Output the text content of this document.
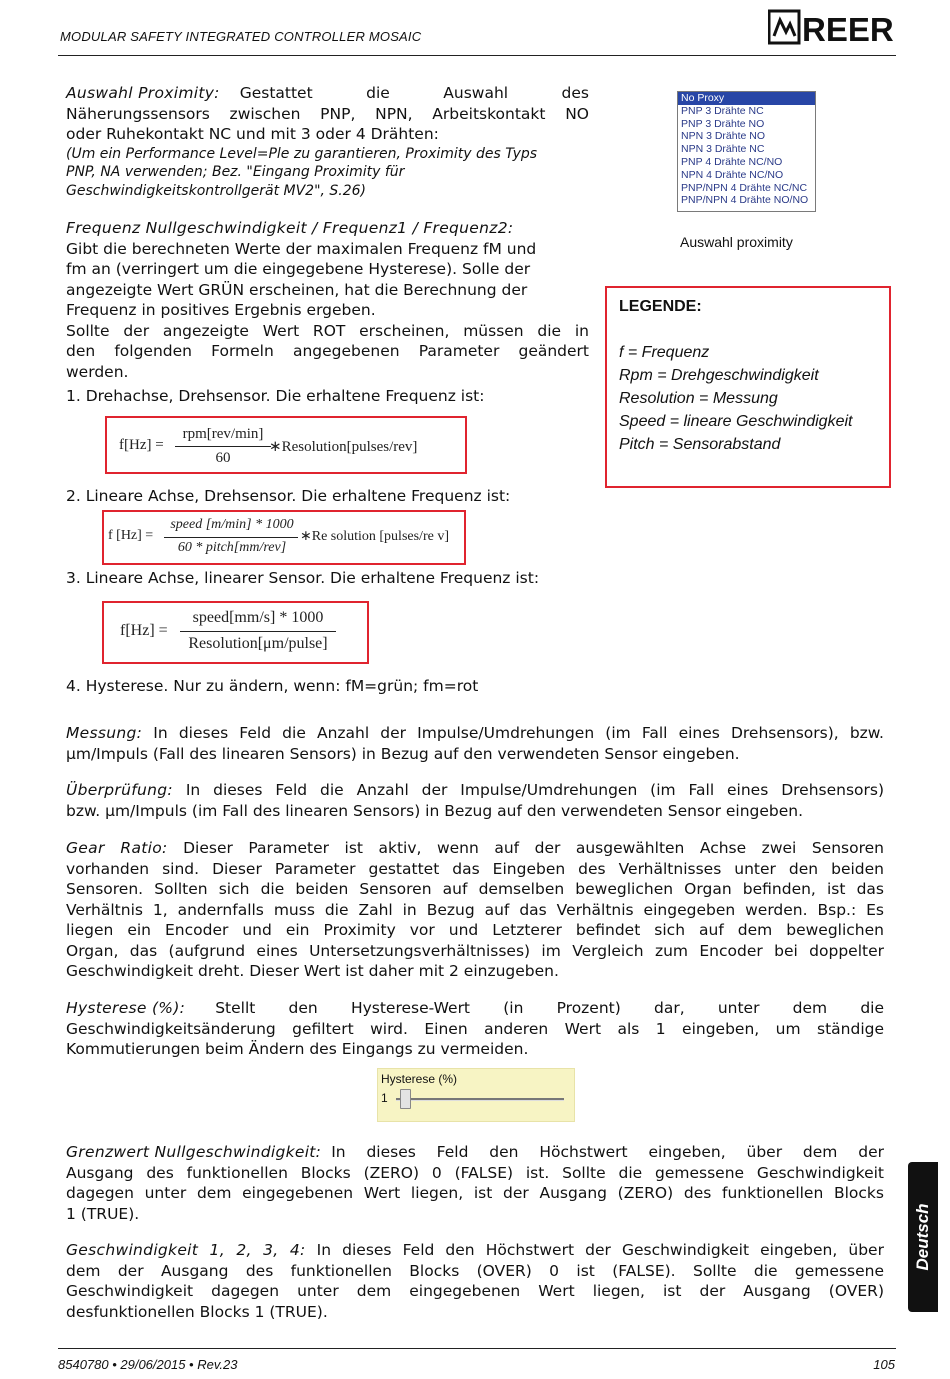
MODULAR SAFETY INTEGRATED CONTROLLER MOSAIC	REER
Auswahl Proximity:	Gestattet die Auswahl des
Näherungssensors zwischen PNP, NPN, Arbeitskontakt NO
oder Ruhekontakt NC und mit 3 oder 4 Drähten:
(Um ein Performance Level=Ple zu garantieren, Proximity des Typs
PNP, NA verwenden; Bez. "Eingang Proximity für
Geschwindigkeitskontrollgerät MV2", S.26)
No Proxy
PNP 3 Drähte NC
PNP 3 Drähte NO
NPN 3 Drähte NO
NPN 3 Drähte NC
PNP 4 Drähte NC/NO
NPN 4 Drähte NC/NO
PNP/NPN 4 Drähte NC/NC
PNP/NPN 4 Drähte NO/NO
Auswahl proximity
LEGENDE:
f = Frequenz
Rpm = Drehgeschwindigkeit
Resolution = Messung
Speed = lineare Geschwindigkeit
Pitch = Sensorabstand
Frequenz Nullgeschwindigkeit / Frequenz1 / Frequenz2:
Gibt die berechneten Werte der maximalen Frequenz fM und
fm an (verringert um die eingegebene Hysterese). Solle der
angezeigte Wert GRÜN erscheinen, hat die Berechnung der
Frequenz in positives Ergebnis ergeben.
Sollte der angezeigte Wert ROT erscheinen, müssen die in
den folgenden Formeln angegebenen Parameter geändert
werden.
1. Drehachse, Drehsensor. Die erhaltene Frequenz ist:
f[Hz] =
rpm[rev/min]
60
∗Resolution[pulses/rev]
2. Lineare Achse, Drehsensor. Die erhaltene Frequenz ist:
f [Hz] =
speed [m/min] * 1000
60 * pitch[mm/rev]
∗Re solution [pulses/re v]
3. Lineare Achse, linearer Sensor. Die erhaltene Frequenz ist:
f[Hz] =
speed[mm/s] * 1000
Resolution[μm/pulse]
4. Hysterese. Nur zu ändern, wenn: fM=grün; fm=rot
Messung: In dieses Feld die Anzahl der Impulse/Umdrehungen (im Fall eines Drehsensors), bzw.
µm/Impuls (Fall des linearen Sensors) in Bezug auf den verwendeten Sensor eingeben.
Überprüfung: In dieses Feld die Anzahl der Impulse/Umdrehungen (im Fall eines Drehsensors)
bzw. µm/Impuls (im Fall des linearen Sensors) in Bezug auf den verwendeten Sensor eingeben.
Gear Ratio: Dieser Parameter ist aktiv, wenn auf der ausgewählten Achse zwei Sensoren
vorhanden sind. Dieser Parameter gestattet das Eingeben des Verhältnisses unter den beiden
Sensoren. Sollten sich die beiden Sensoren auf demselben beweglichen Organ befinden, ist das
Verhältnis 1, andernfalls muss die Zahl in Bezug auf das Verhältnis eingegeben werden. Bsp.: Es
liegen ein Encoder und ein Proximity vor und Letzterer befindet sich auf dem beweglichen
Organ, das (aufgrund eines Untersetzungsverhältnisses) im Vergleich zum Encoder bei doppelter
Geschwindigkeit dreht. Dieser Wert ist daher mit 2 einzugeben.
Hysterese (%):	Stellt den Hysterese-Wert (in Prozent) dar, unter dem die
Geschwindigkeitsänderung gefiltert wird. Einen anderen Wert als 1 eingeben, um ständige
Kommutierungen beim Ändern des Eingangs zu vermeiden.
Hysterese (%)
1
Grenzwert Nullgeschwindigkeit: In dieses Feld den Höchstwert eingeben, über dem der
Ausgang des funktionellen Blocks (ZERO) 0 (FALSE) ist. Sollte die gemessene Geschwindigkeit
dagegen unter dem eingegebenen Wert liegen, ist der Ausgang (ZERO) des funktionellen Blocks
1 (TRUE).
Geschwindigkeit 1, 2, 3, 4: In dieses Feld den Höchstwert der Geschwindigkeit eingeben, über
dem der Ausgang des funktionellen Blocks (OVER) 0 ist (FALSE). Sollte die gemessene
Geschwindigkeit dagegen unter dem eingegebenen Wert liegen, ist der Ausgang (OVER)
desfunktionellen Blocks 1 (TRUE).
Deutsch
8540780 • 29/06/2015 • Rev.23	105
